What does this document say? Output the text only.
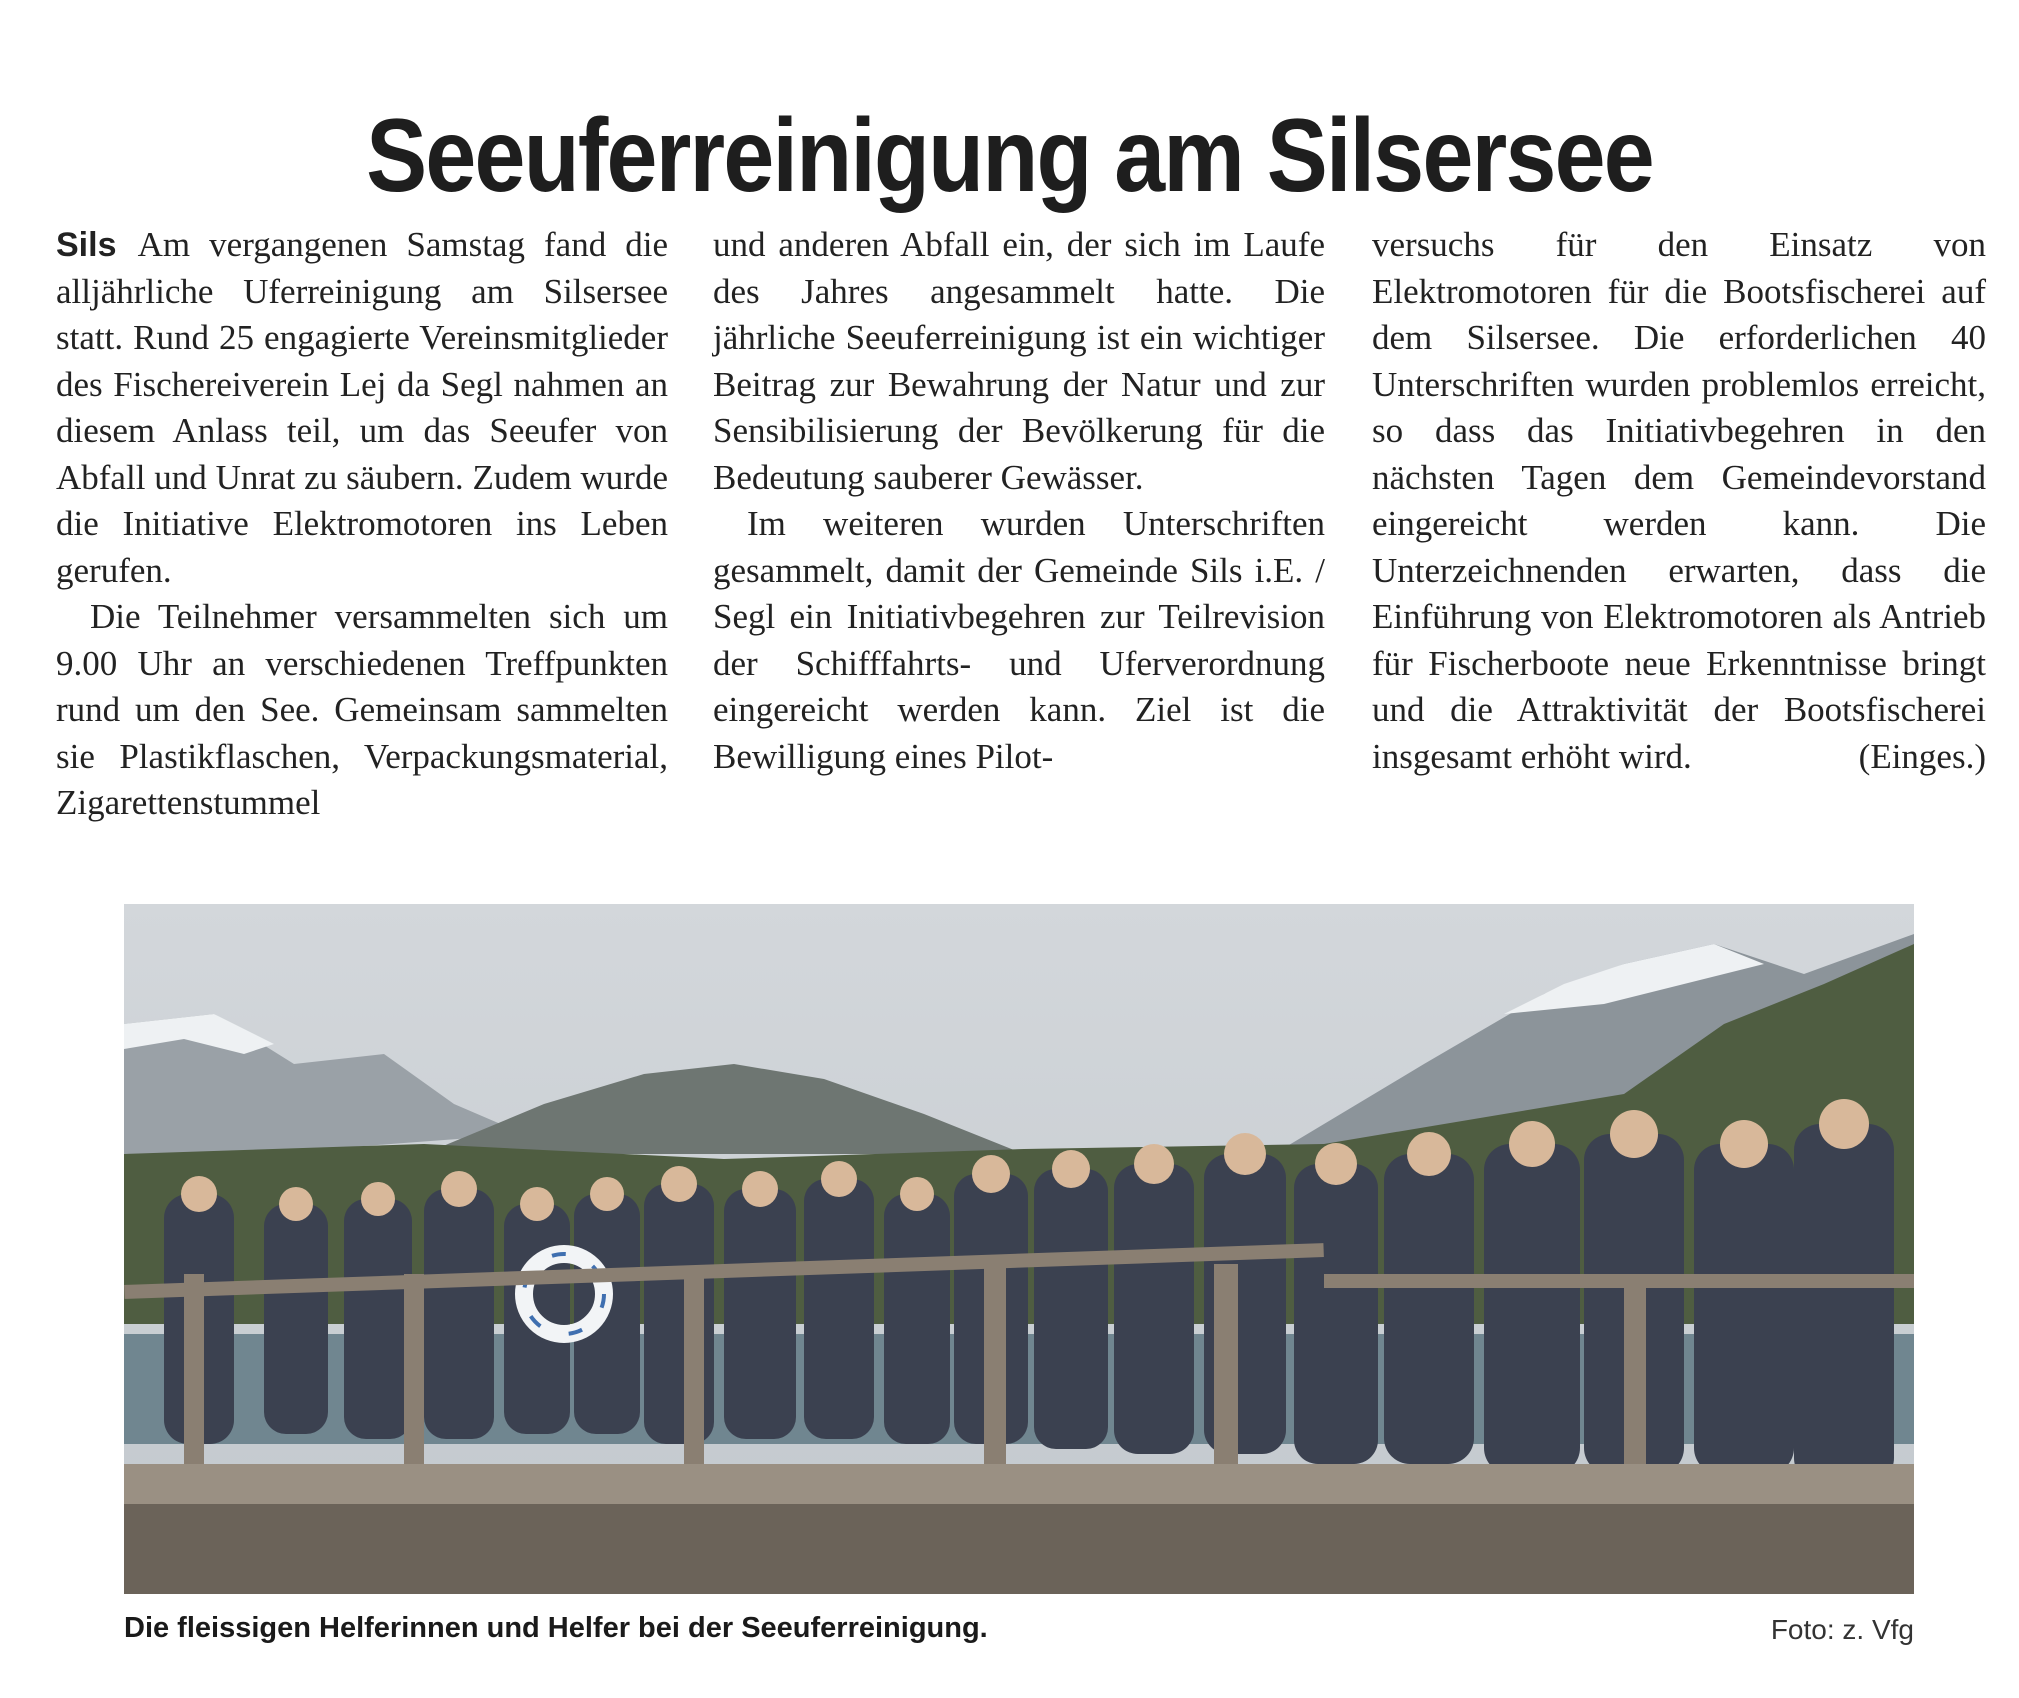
Seeuferreinigung am Silsersee

Sils Am vergangenen Samstag fand die alljährliche Uferreinigung am Silsersee statt. Rund 25 engagierte Vereinsmitglieder des Fischereiverein Lej da Segl nahmen an diesem Anlass teil, um das Seeufer von Abfall und Unrat zu säubern. Zudem wurde die Initiative Elektromotoren ins Leben gerufen.

Die Teilnehmer versammelten sich um 9.00 Uhr an verschiedenen Treffpunkten rund um den See. Gemeinsam sammelten sie Plastikflaschen, Verpackungsmaterial, Zigarettenstummel

und anderen Abfall ein, der sich im Laufe des Jahres angesammelt hatte. Die jährliche Seeuferreinigung ist ein wichtiger Beitrag zur Bewahrung der Natur und zur Sensibilisierung der Bevölkerung für die Bedeutung sauberer Gewässer.

Im weiteren wurden Unterschriften gesammelt, damit der Gemeinde Sils i.E. / Segl ein Initiativbegehren zur Teilrevision der Schifffahrts- und Uferverordnung eingereicht werden kann. Ziel ist die Bewilligung eines Pilot-

versuchs für den Einsatz von Elektromotoren für die Bootsfischerei auf dem Silsersee. Die erforderlichen 40 Unterschriften wurden problemlos erreicht, so dass das Initiativbegehren in den nächsten Tagen dem Gemeindevorstand eingereicht werden kann. Die Unterzeichnenden erwarten, dass die Einführung von Elektromotoren als Antrieb für Fischerboote neue Erkenntnisse bringt und die Attraktivität der Bootsfischerei insgesamt erhöht wird.	(Einges.)

Die fleissigen Helferinnen und Helfer bei der Seeuferreinigung.	Foto: z. Vfg
